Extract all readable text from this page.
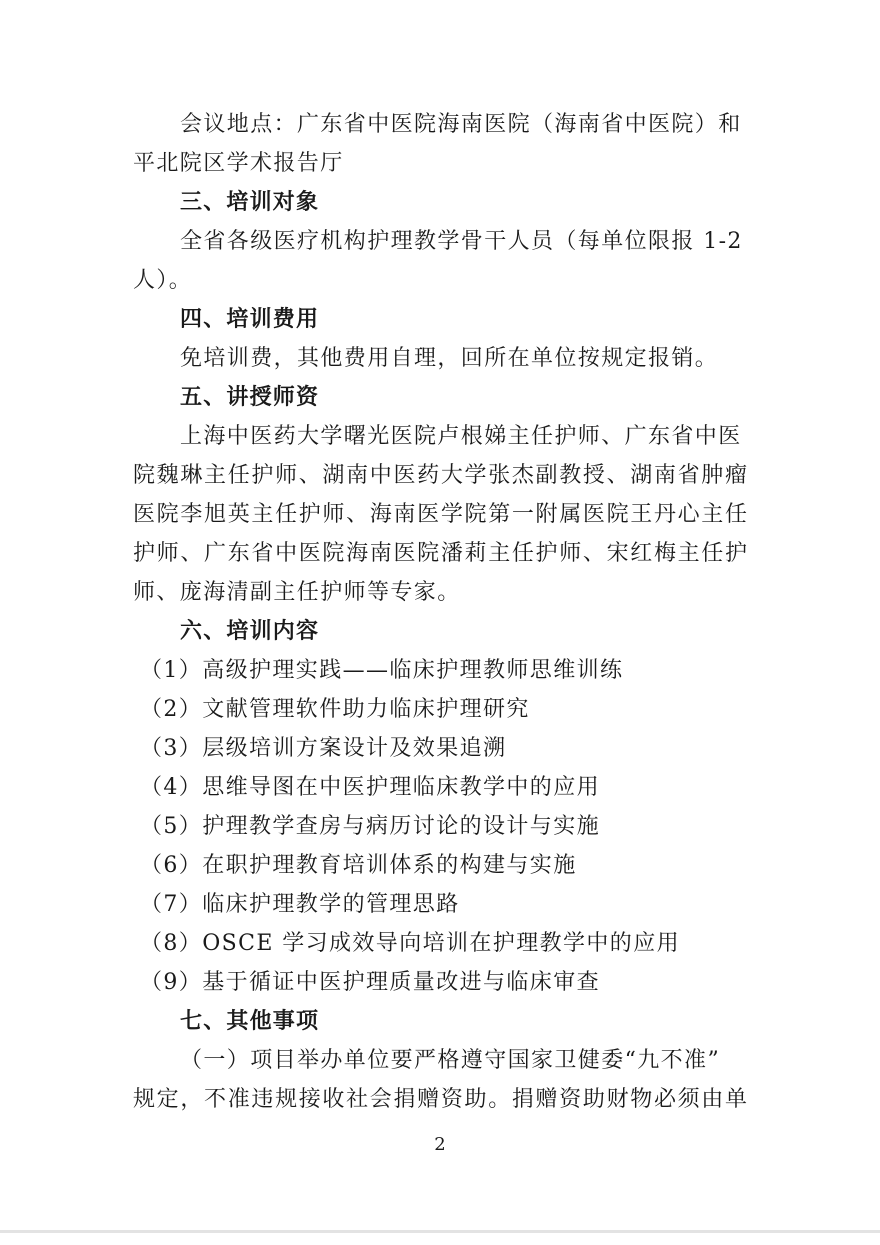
会议地点：广东省中医院海南医院（海南省中医院）和
平北院区学术报告厅
三、培训对象
全省各级医疗机构护理教学骨干人员（每单位限报 1-2
人）。
四、培训费用
免培训费，其他费用自理，回所在单位按规定报销。
五、讲授师资
上海中医药大学曙光医院卢根娣主任护师、广东省中医
院魏琳主任护师、湖南中医药大学张杰副教授、湖南省肿瘤
医院李旭英主任护师、海南医学院第一附属医院王丹心主任
护师、广东省中医院海南医院潘莉主任护师、宋红梅主任护
师、庞海清副主任护师等专家。
六、培训内容
（1）高级护理实践——临床护理教师思维训练
（2）文献管理软件助力临床护理研究
（3）层级培训方案设计及效果追溯
（4）思维导图在中医护理临床教学中的应用
（5）护理教学查房与病历讨论的设计与实施
（6）在职护理教育培训体系的构建与实施
（7）临床护理教学的管理思路
（8）OSCE 学习成效导向培训在护理教学中的应用
（9）基于循证中医护理质量改进与临床审查
七、其他事项
（一）项目举办单位要严格遵守国家卫健委“九不准”
规定，不准违规接收社会捐赠资助。捐赠资助财物必须由单
2
